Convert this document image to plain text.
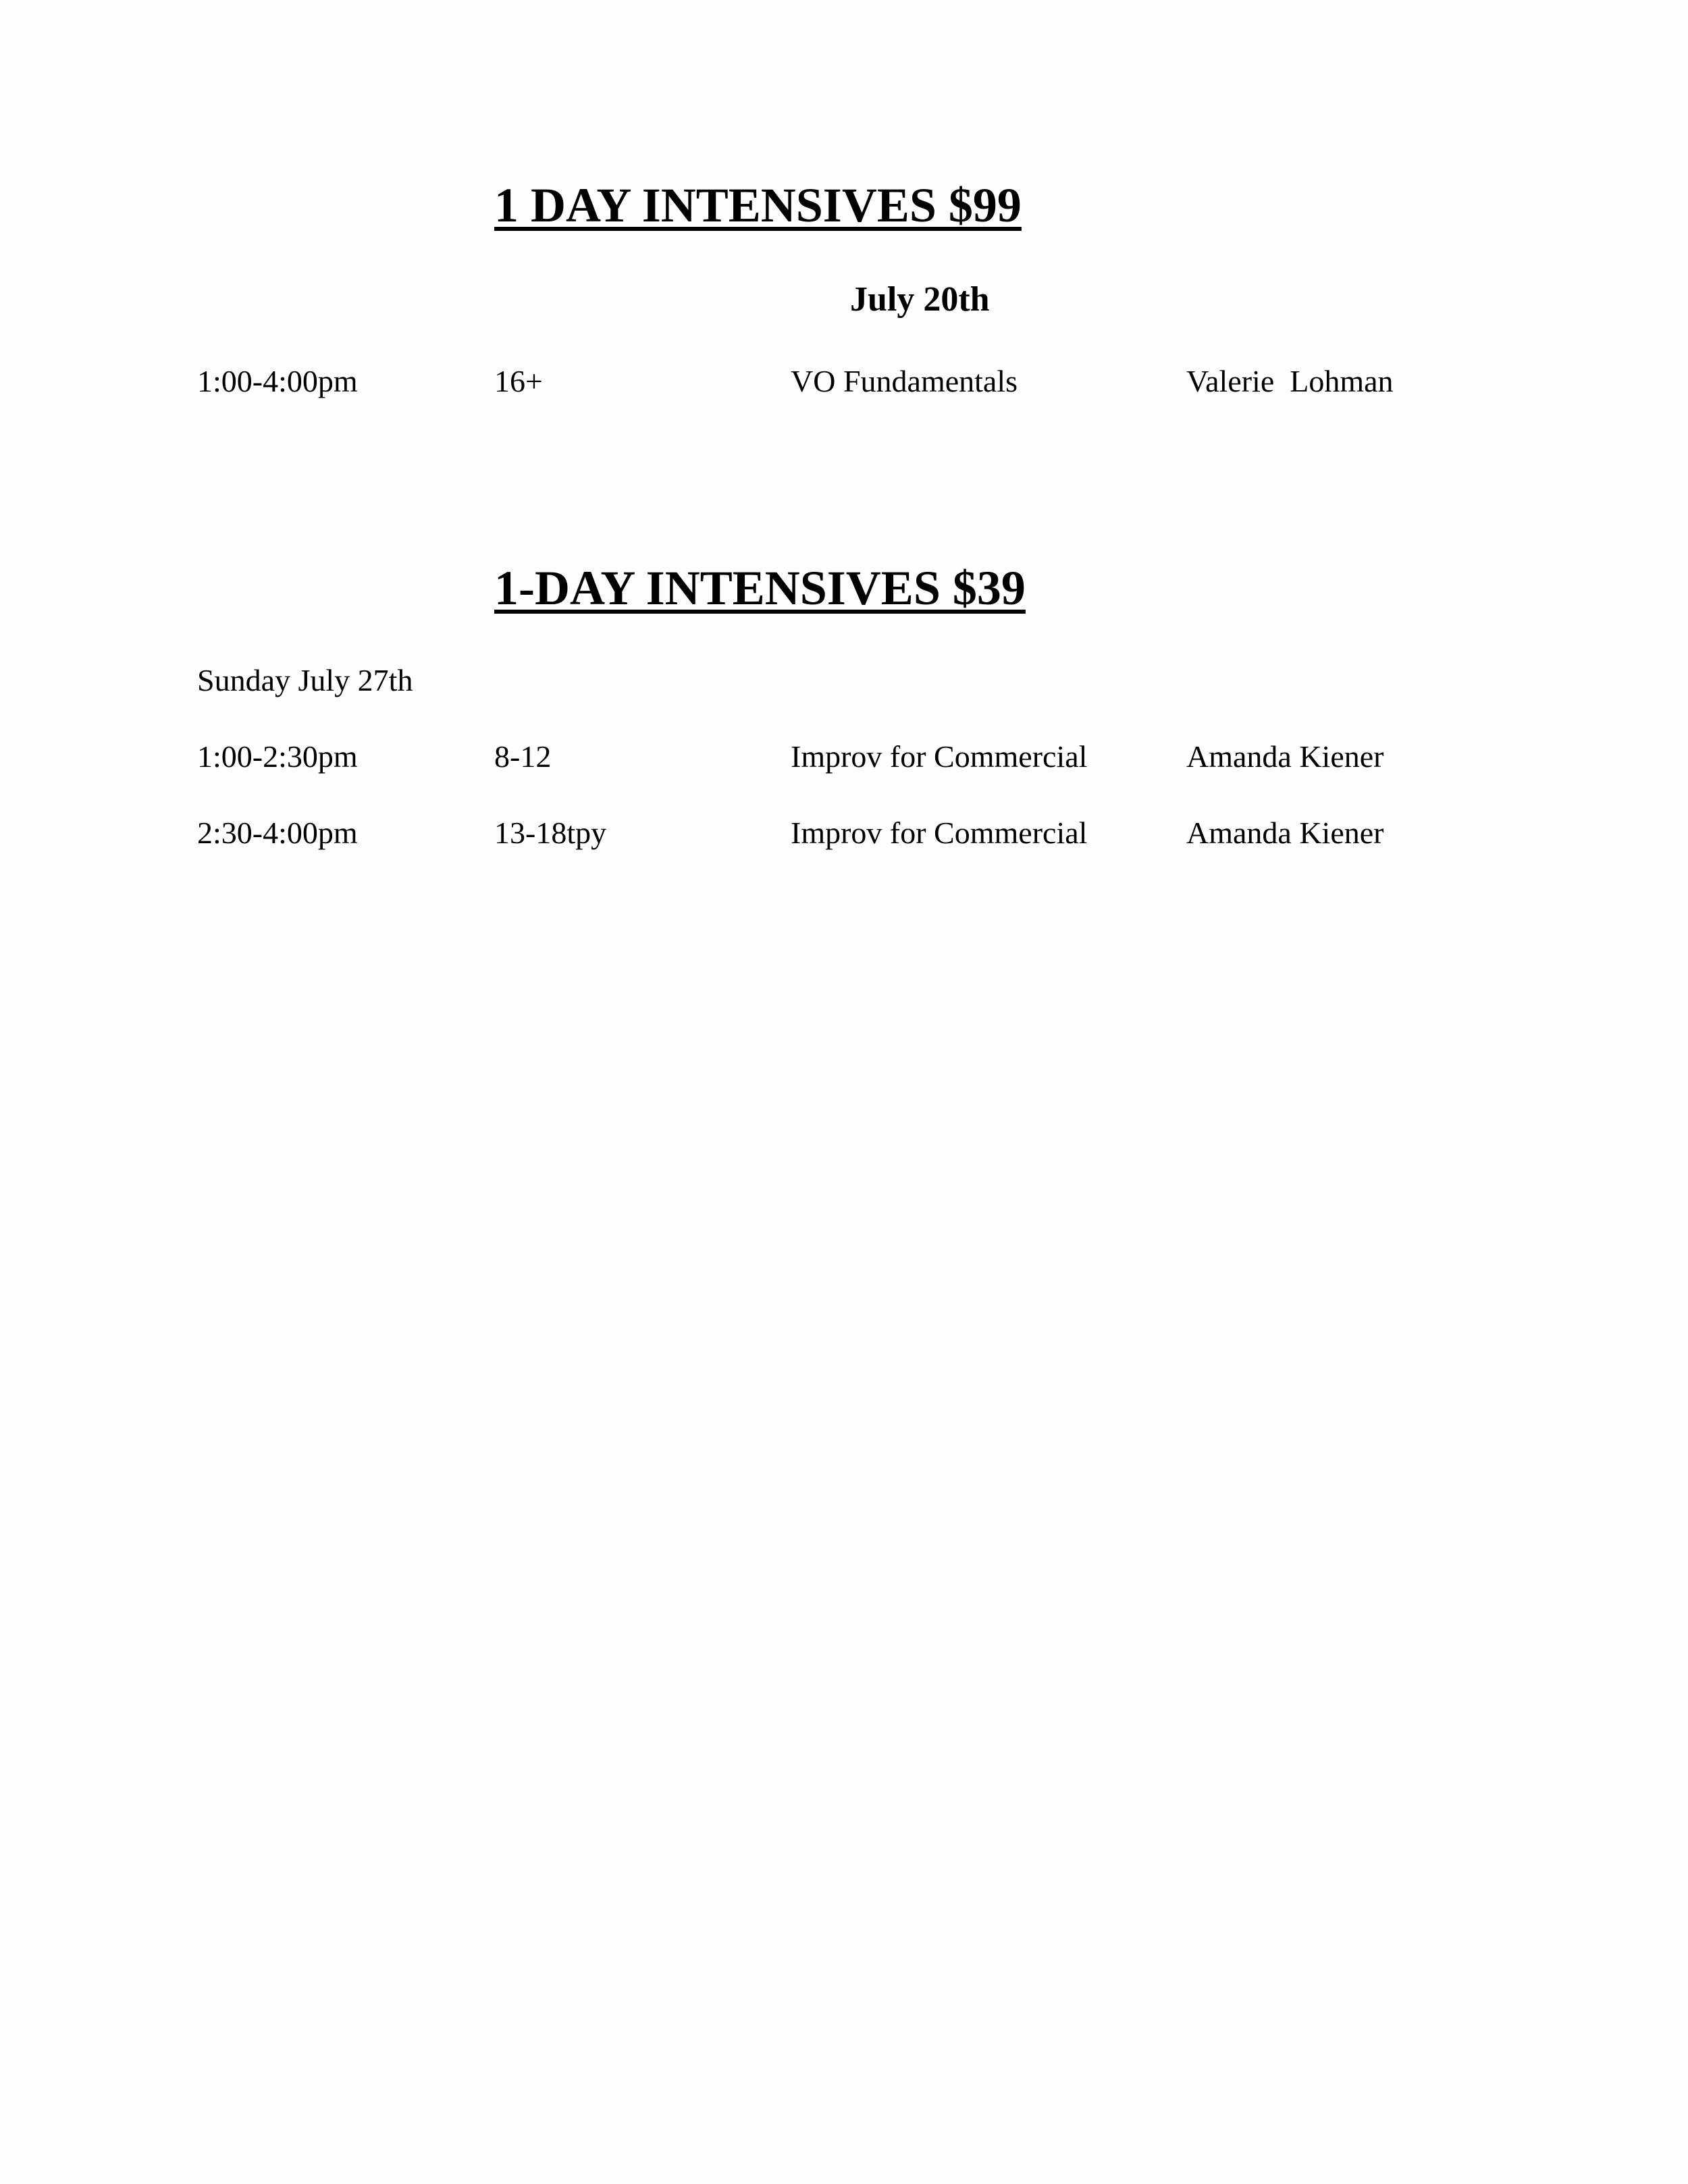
1 DAY INTENSIVES $99
July 20th
1:00-4:00pm	16+	VO Fundamentals	Valerie  Lohman
1-DAY INTENSIVES $39
Sunday July 27th
1:00-2:30pm	8-12	Improv for Commercial	Amanda Kiener
2:30-4:00pm	13-18tpy	Improv for Commercial	Amanda Kiener
